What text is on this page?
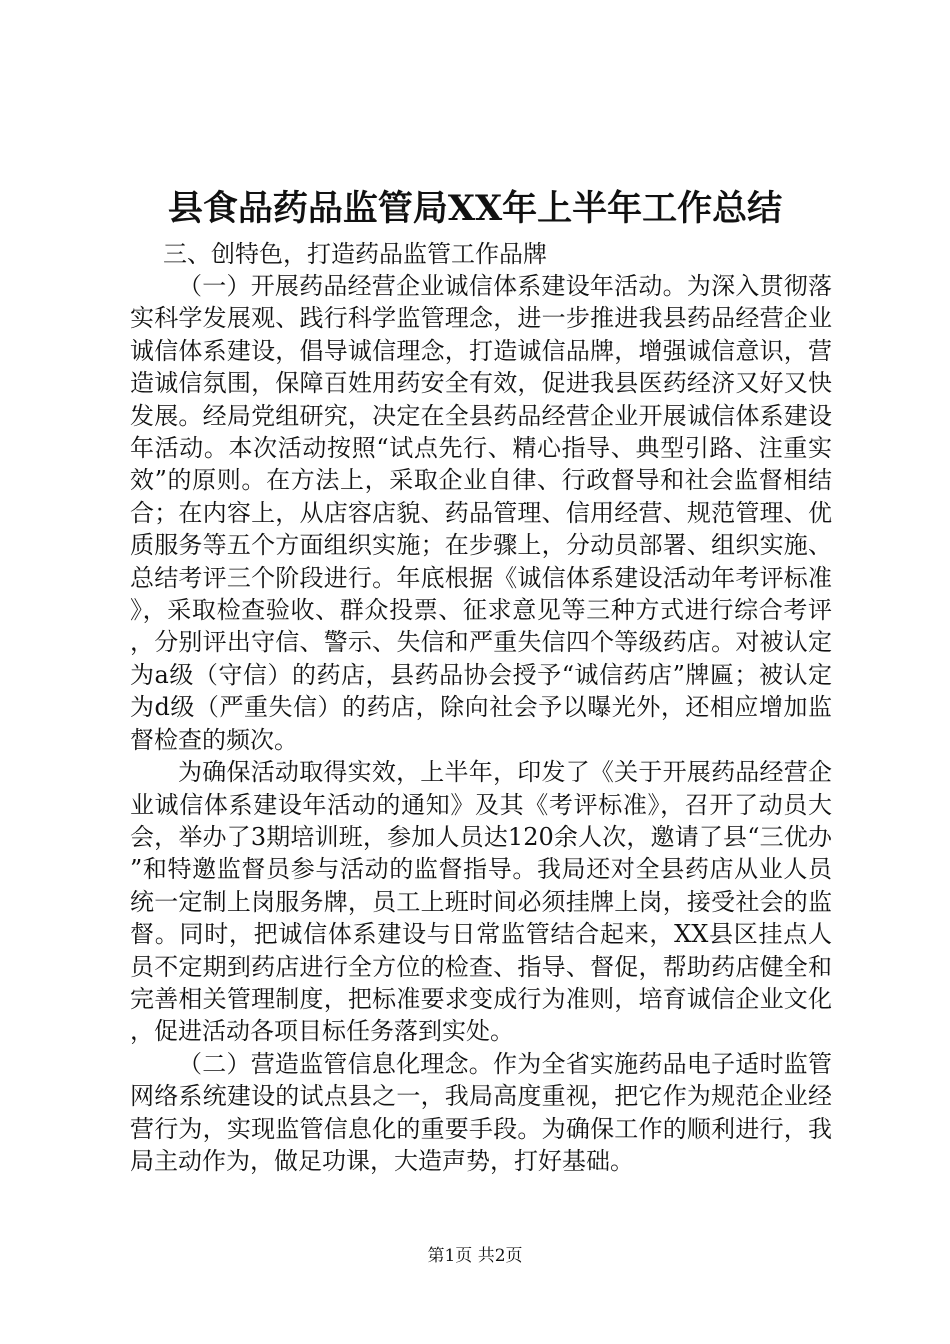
县食品药品监管局XX年上半年工作总结
三、创特色，打造药品监管工作品牌

（一）开展药品经营企业诚信体系建设年活动。为深入贯彻落实科学发展观、践行科学监管理念，进一步推进我县药品经营企业诚信体系建设，倡导诚信理念，打造诚信品牌，增强诚信意识，营造诚信氛围，保障百姓用药安全有效，促进我县医药经济又好又快发展。经局党组研究，决定在全县药品经营企业开展诚信体系建设年活动。本次活动按照“试点先行、精心指导、典型引路、注重实效”的原则。在方法上，采取企业自律、行政督导和社会监督相结合；在内容上，从店容店貌、药品管理、信用经营、规范管理、优质服务等五个方面组织实施；在步骤上，分动员部署、组织实施、总结考评三个阶段进行。年底根据《诚信体系建设活动年考评标准》，采取检查验收、群众投票、征求意见等三种方式进行综合考评，分别评出守信、警示、失信和严重失信四个等级药店。对被认定为a级（守信）的药店，县药品协会授予“诚信药店”牌匾；被认定为d级（严重失信）的药店，除向社会予以曝光外，还相应增加监督检查的频次。

为确保活动取得实效，上半年，印发了《关于开展药品经营企业诚信体系建设年活动的通知》及其《考评标准》，召开了动员大会，举办了3期培训班，参加人员达120余人次，邀请了县“三优办”和特邀监督员参与活动的监督指导。我局还对全县药店从业人员统一定制上岗服务牌，员工上班时间必须挂牌上岗，接受社会的监督。同时，把诚信体系建设与日常监管结合起来，XX县区挂点人员不定期到药店进行全方位的检查、指导、督促，帮助药店健全和完善相关管理制度，把标准要求变成行为准则，培育诚信企业文化，促进活动各项目标任务落到实处。

（二）营造监管信息化理念。作为全省实施药品电子适时监管网络系统建设的试点县之一，我局高度重视，把它作为规范企业经营行为，实现监管信息化的重要手段。为确保工作的顺利进行，我局主动作为，做足功课，大造声势，打好基础。

第1页 共2页
